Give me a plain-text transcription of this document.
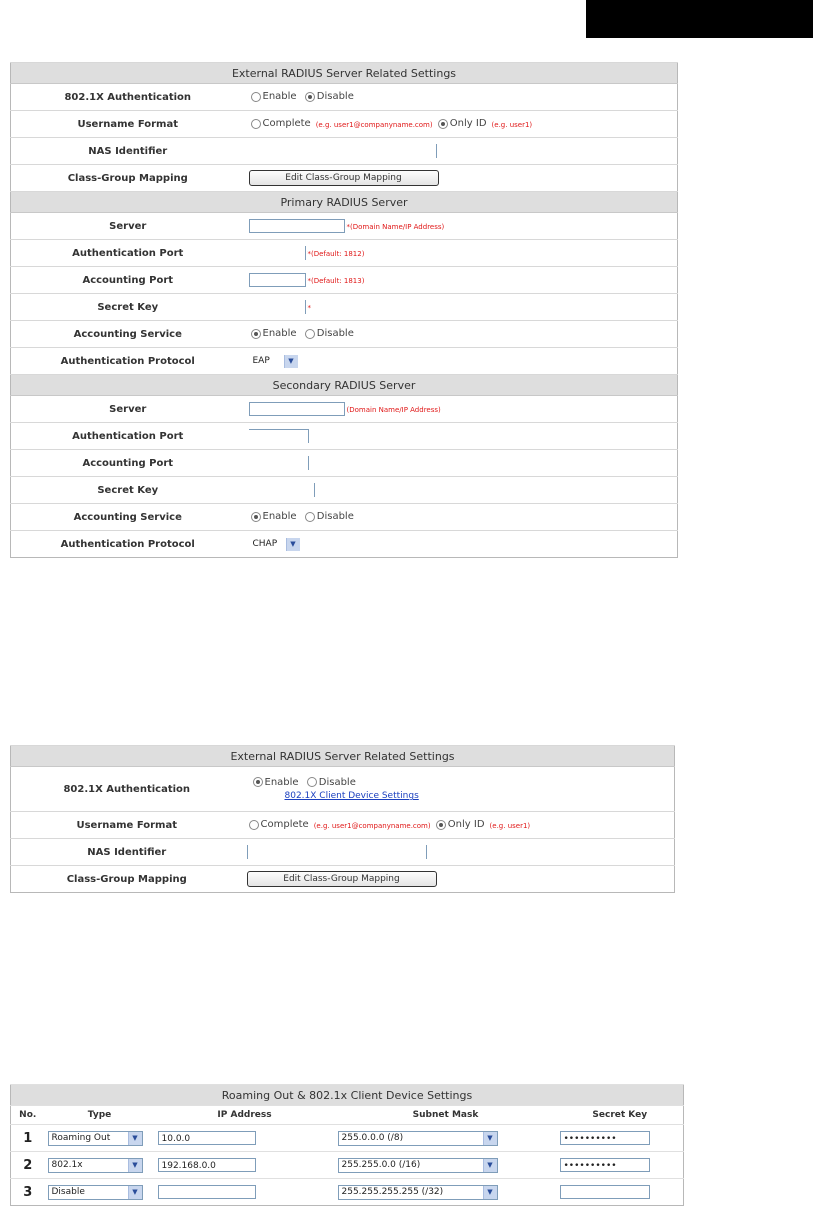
External RADIUS Server Related Settings	
802.1X Authentication	Enable Disable
Username Format	Complete (e.g. user1@companyname.com) Only ID (e.g. user1)
NAS Identifier	
Class-Group Mapping	Edit Class-Group Mapping
Primary RADIUS Server	
Server	*(Domain Name/IP Address)
Authentication Port	*(Default: 1812)
Accounting Port	*(Default: 1813)
Secret Key	*
Accounting Service	Enable Disable
Authentication Protocol	EAP ▼

Secondary RADIUS Server	
Server	(Domain Name/IP Address)
Authentication Port	
Accounting Port	
Secret Key	
Accounting Service	Enable Disable
Authentication Protocol	CHAP ▼
External RADIUS Server Related Settings	
802.1X Authentication	Enable Disable
802.1X Client Device Settings

Username Format	Complete (e.g. user1@companyname.com) Only ID (e.g. user1)
NAS Identifier	
Class-Group Mapping	Edit Class-Group Mapping
Roaming Out & 802.1x Client Device Settings				
No.	Type	IP Address	Subnet Mask	Secret Key
1	Roaming Out ▼	10.0.0	255.0.0.0 (/8) ▼	••••••••••
2	802.1x ▼	192.168.0.0	255.255.0.0 (/16) ▼	••••••••••
3	Disable ▼		255.255.255.255 (/32) ▼	
